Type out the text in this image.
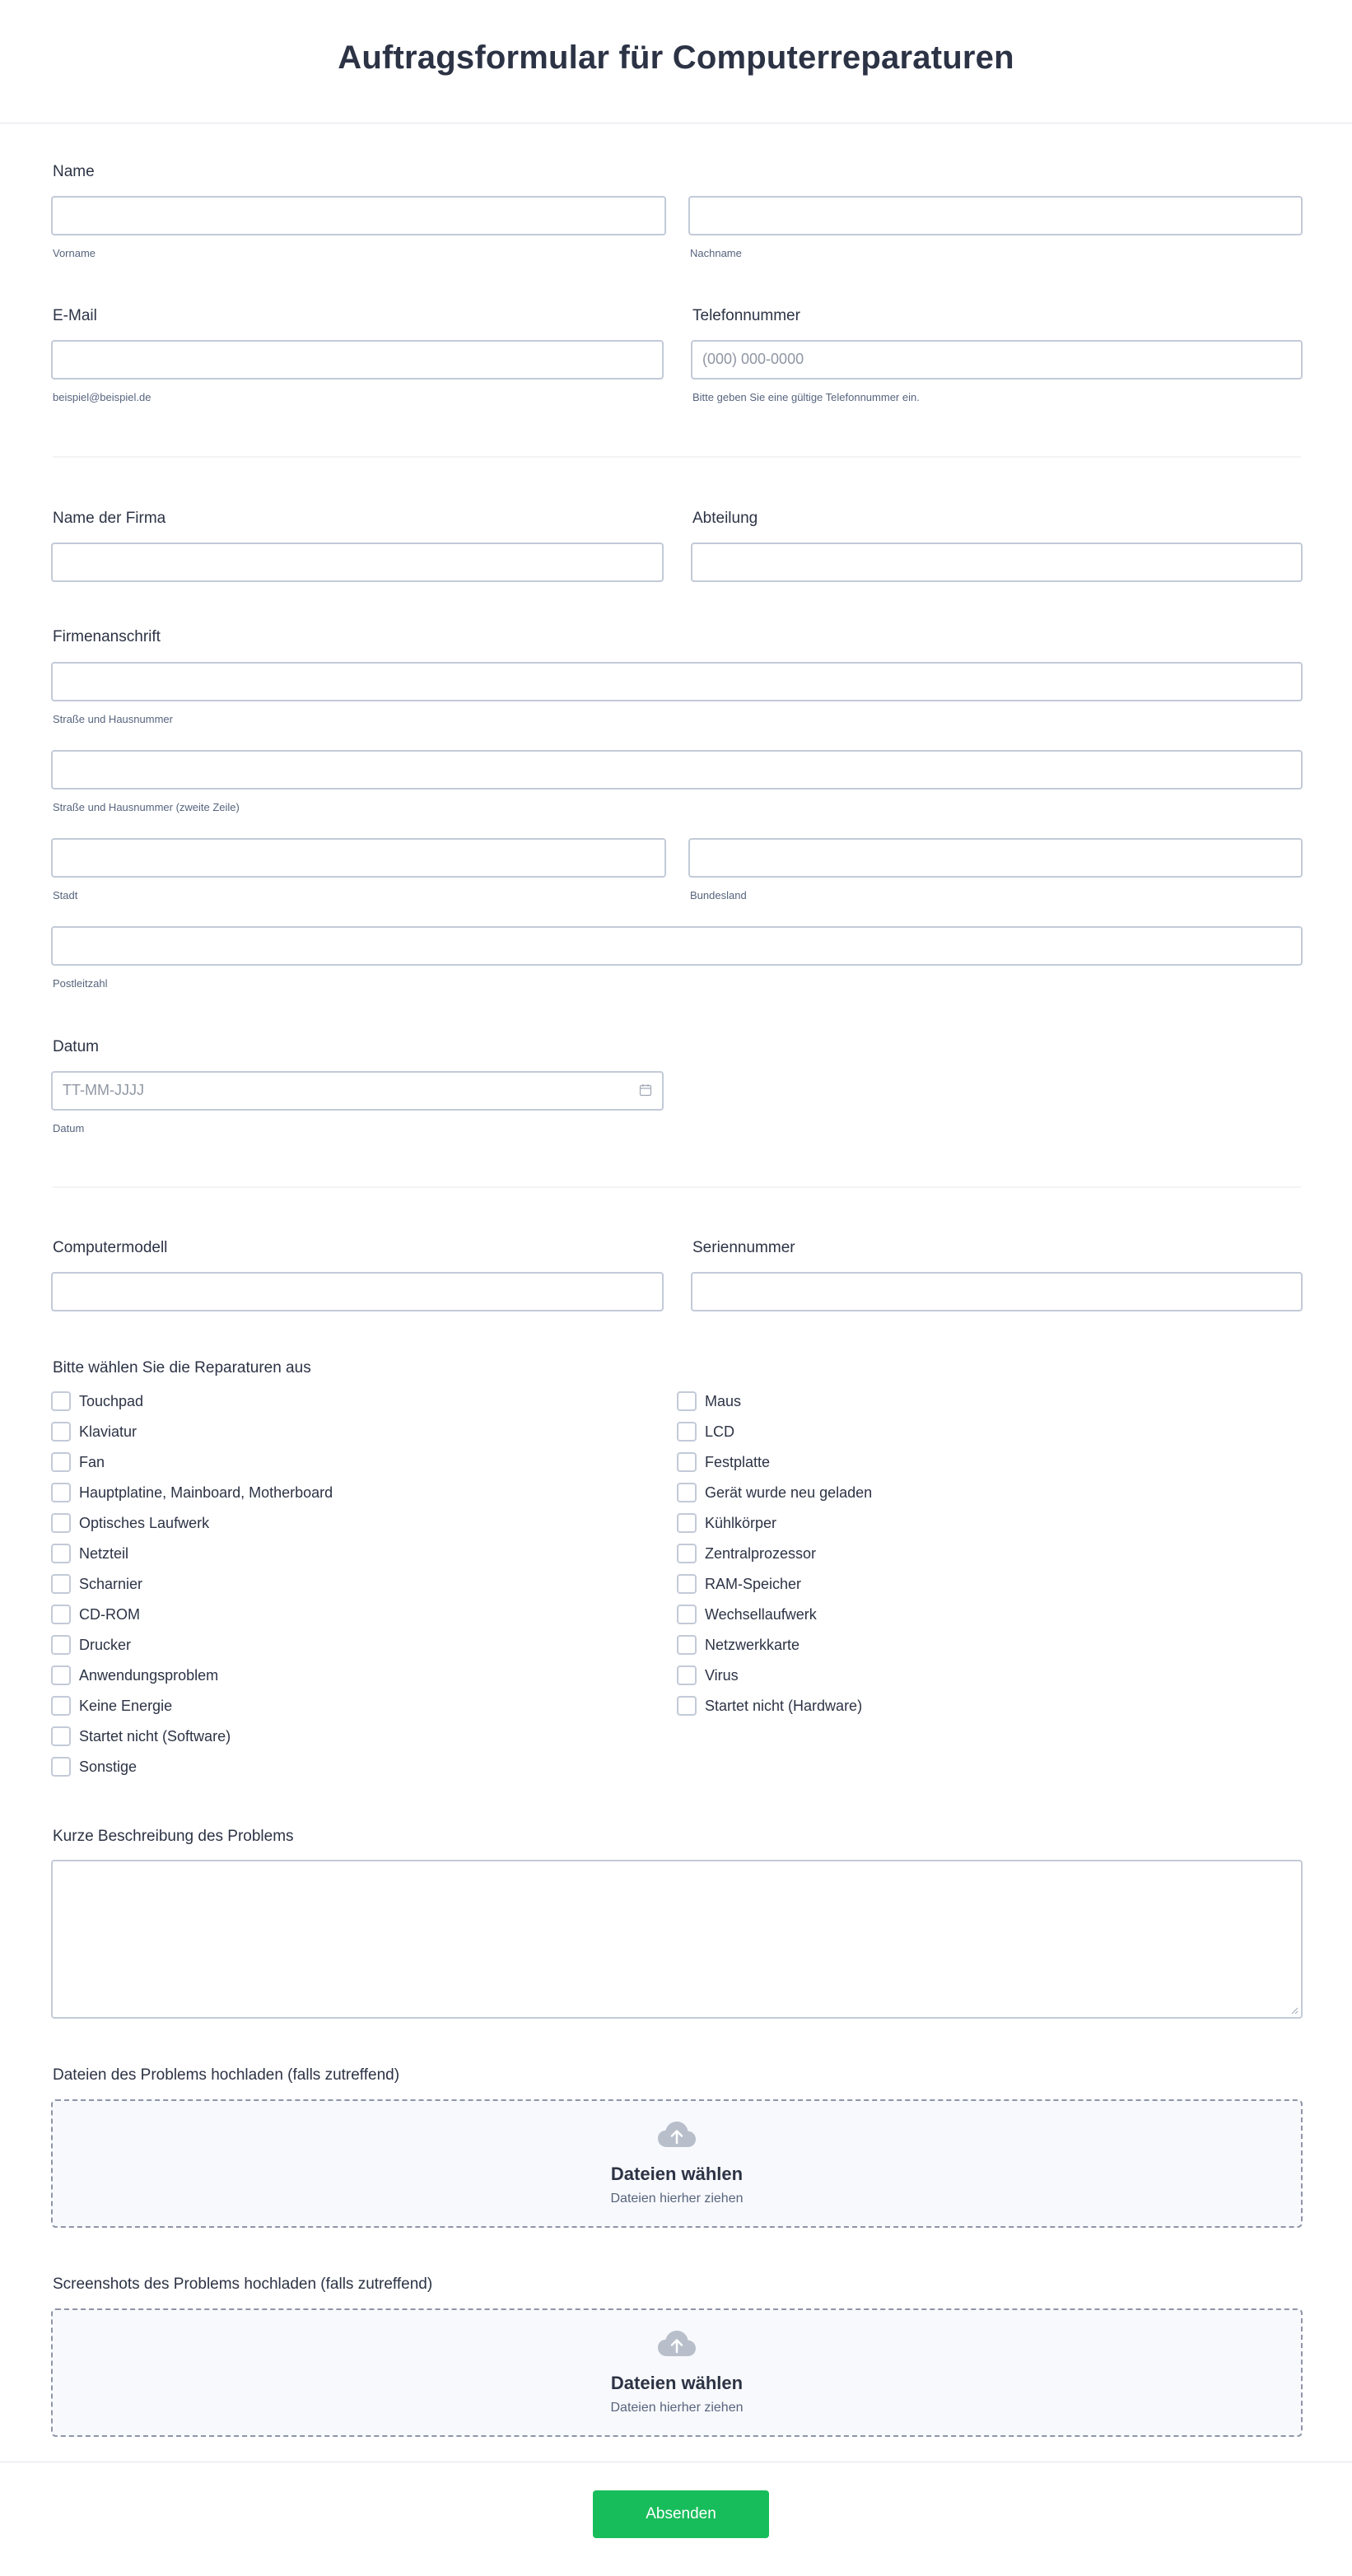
Auftragsformular für Computerreparaturen
Name
Vorname	Nachname
E-Mail
beispiel@beispiel.de
Telefonnummer
(000) 000-0000
Bitte geben Sie eine gültige Telefonnummer ein.
Name der Firma	Abteilung
Firmenanschrift
Straße und Hausnummer
Straße und Hausnummer (zweite Zeile)
Stadt	Bundesland
Postleitzahl
Datum
TT-MM-JJJJ
Datum
Computermodell	Seriennummer
Bitte wählen Sie die Reparaturen aus
Touchpad
Klaviatur
Fan
Hauptplatine, Mainboard, Motherboard
Optisches Laufwerk
Netzteil
Scharnier
CD-ROM
Drucker
Anwendungsproblem
Keine Energie
Startet nicht (Software)
Sonstige
Maus
LCD
Festplatte
Gerät wurde neu geladen
Kühlkörper
Zentralprozessor
RAM-Speicher
Wechsellaufwerk
Netzwerkkarte
Virus
Startet nicht (Hardware)
Kurze Beschreibung des Problems
Dateien des Problems hochladen (falls zutreffend)
Dateien wählen
Dateien hierher ziehen
Screenshots des Problems hochladen (falls zutreffend)
Dateien wählen
Dateien hierher ziehen
Absenden
